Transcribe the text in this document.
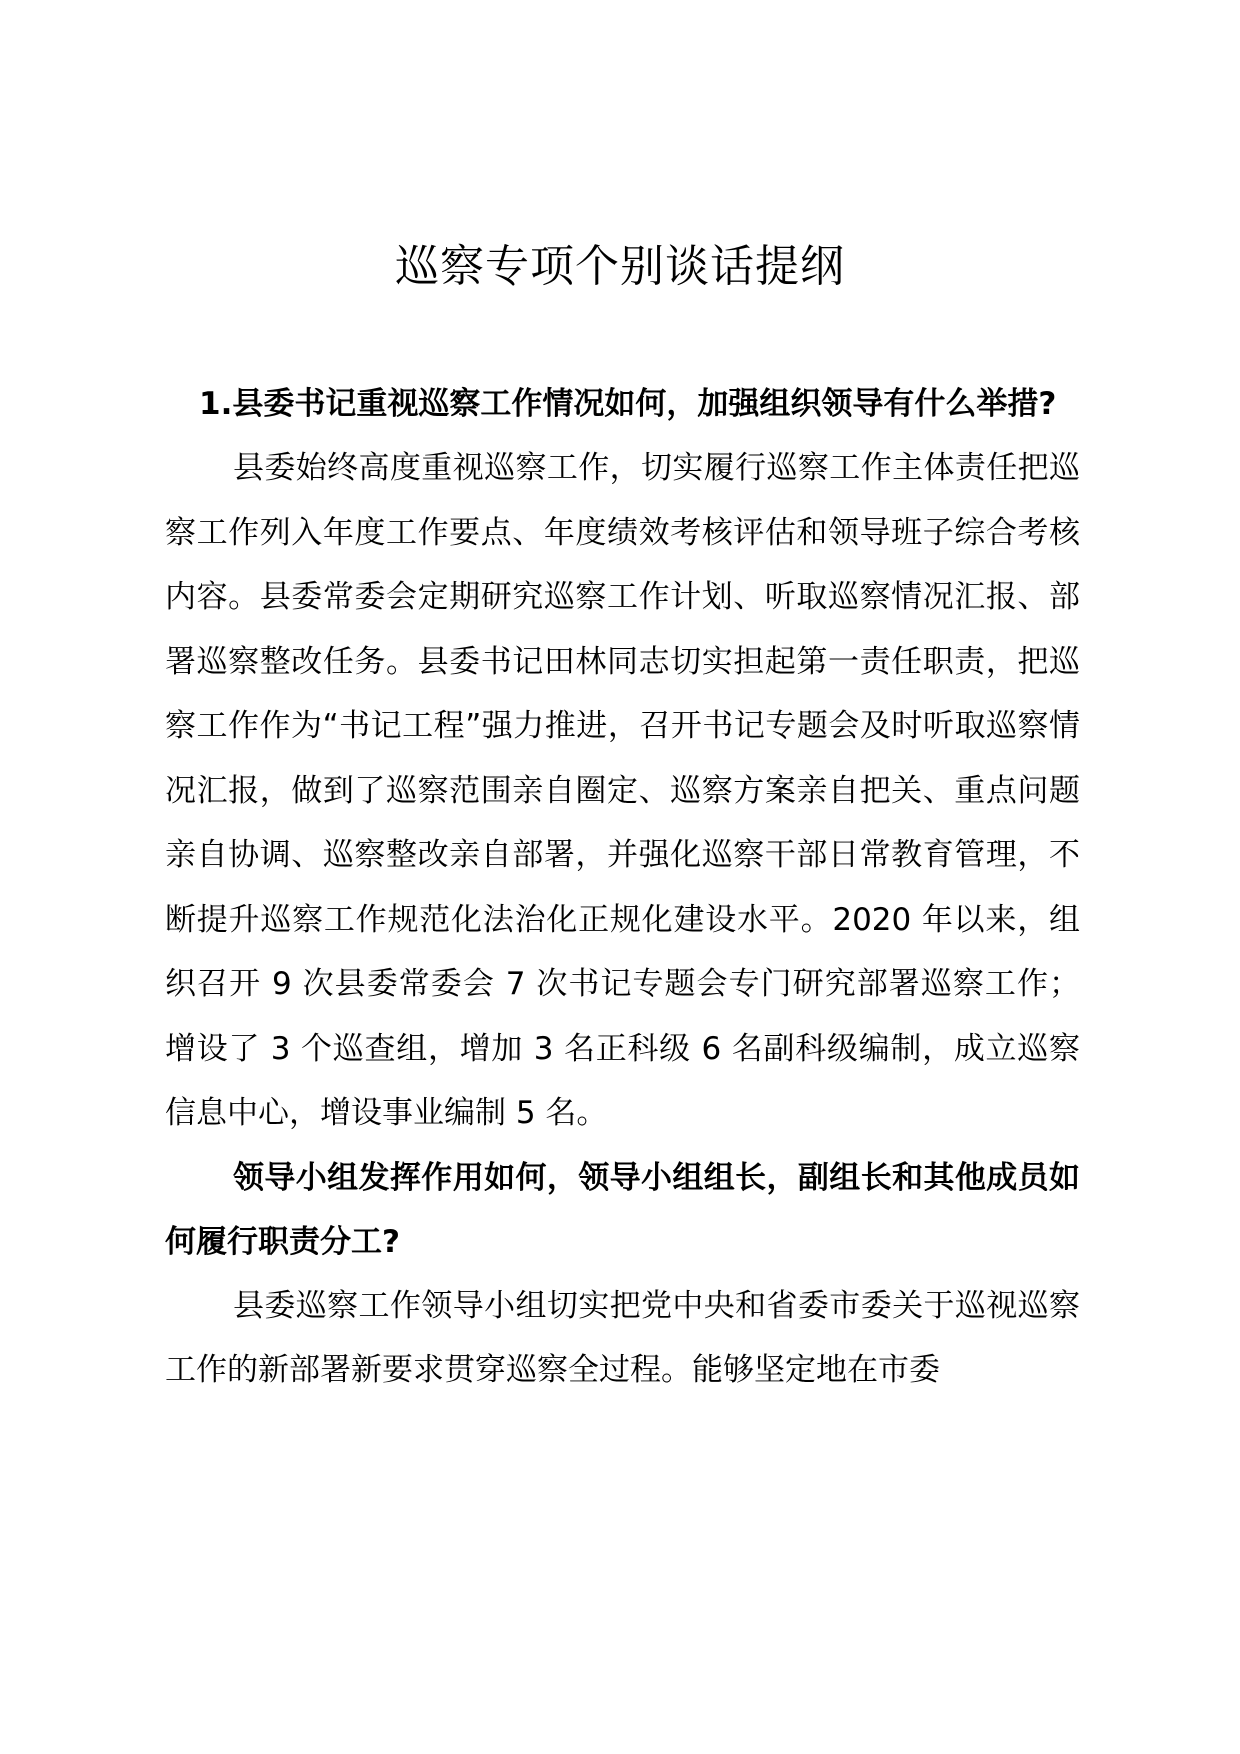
巡察专项个别谈话提纲

1.县委书记重视巡察工作情况如何，加强组织领导有什么举措?

县委始终高度重视巡察工作，切实履行巡察工作主体责任把巡察工作列入年度工作要点、年度绩效考核评估和领导班子综合考核内容。县委常委会定期研究巡察工作计划、听取巡察情况汇报、部署巡察整改任务。县委书记田林同志切实担起第一责任职责，把巡察工作作为“书记工程”强力推进，召开书记专题会及时听取巡察情况汇报，做到了巡察范围亲自圈定、巡察方案亲自把关、重点问题亲自协调、巡察整改亲自部署，并强化巡察干部日常教育管理，不断提升巡察工作规范化法治化正规化建设水平。2020 年以来，组织召开 9 次县委常委会 7 次书记专题会专门研究部署巡察工作；增设了 3 个巡查组，增加 3 名正科级 6 名副科级编制，成立巡察信息中心，增设事业编制 5 名。

领导小组发挥作用如何，领导小组组长，副组长和其他成员如何履行职责分工?

县委巡察工作领导小组切实把党中央和省委市委关于巡视巡察工作的新部署新要求贯穿巡察全过程。能够坚定地在市委
